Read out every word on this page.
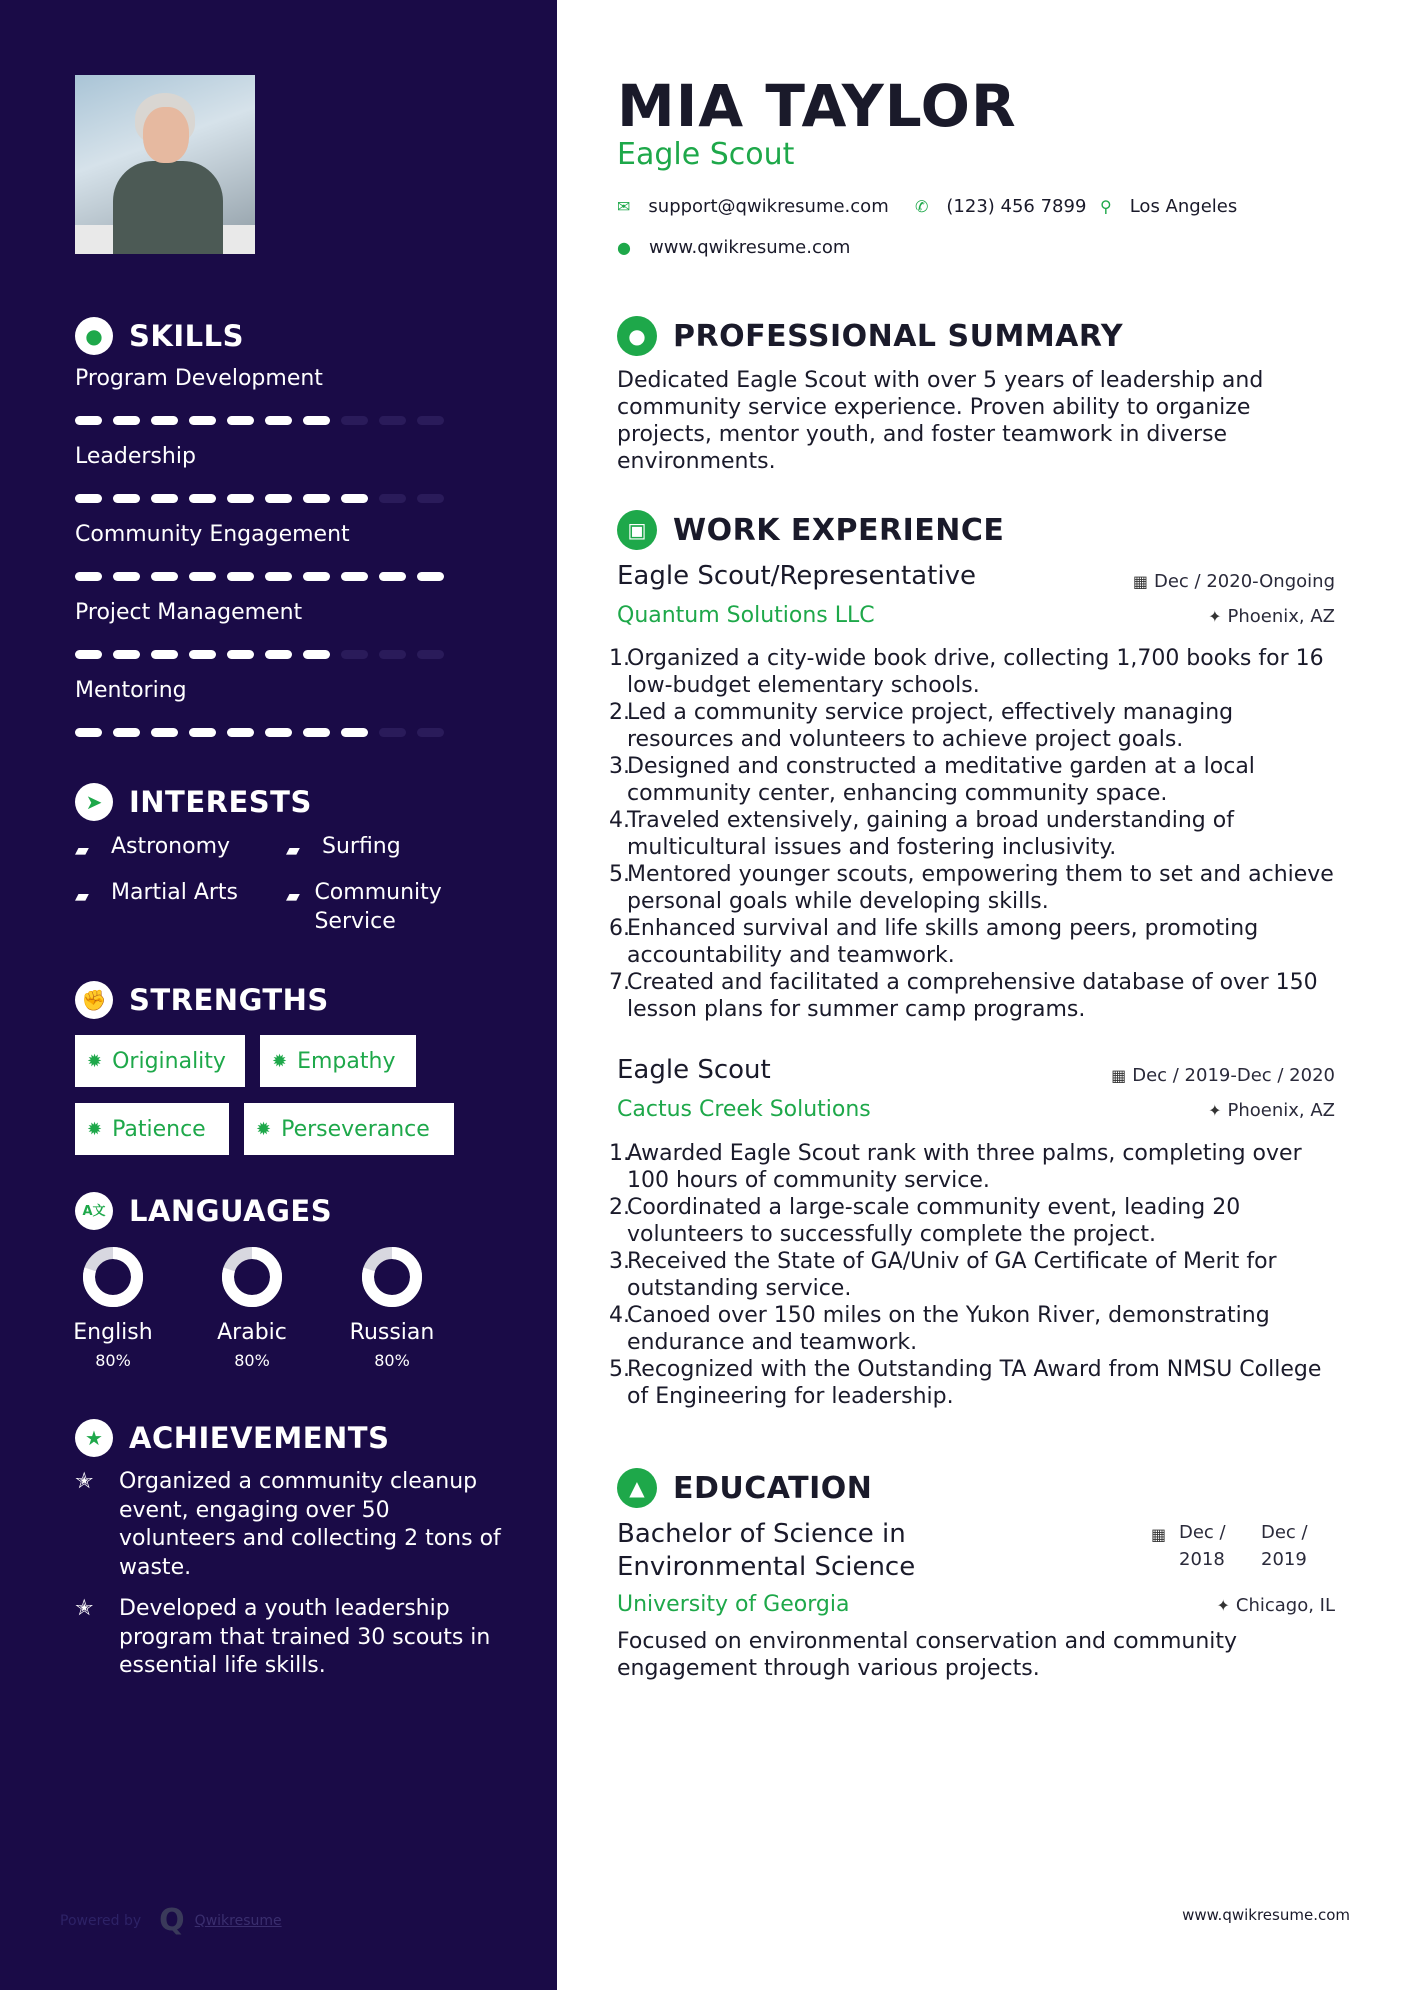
● SKILLS
Program Development
Leadership
Community Engagement
Project Management
Mentoring
➤ INTERESTS
▰	Astronomy	▰	Surfing
▰	Martial Arts	▰ Community Service
✊ STRENGTHS
✹ Originality	✹ Empathy
✹ Patience	✹ Perseverance
A文 LANGUAGES
English
80%
Arabic
80%
Russian
80%
★ ACHIEVEMENTS
✭	Organized a community cleanup event, engaging over 50 volunteers and collecting 2 tons of waste.
✭	Developed a youth leadership program that trained 30 scouts in essential life skills.
Powered by Q Qwikresume
MIA TAYLOR
Eagle Scout
✉ support@qwikresume.com ✆ (123) 456 7899 ⚲ Los Angeles
● www.qwikresume.com
● PROFESSIONAL SUMMARY
Dedicated Eagle Scout with over 5 years of leadership and community service experience. Proven ability to organize projects, mentor youth, and foster teamwork in diverse environments.
▣ WORK EXPERIENCE
Eagle Scout/Representative	▦ Dec / 2020-Ongoing
Quantum Solutions LLC	✦ Phoenix, AZ
1.
Organized a city-wide book drive, collecting 1,700 books for 16 low-budget elementary schools.
2.
Led a community service project, effectively managing resources and volunteers to achieve project goals.
3.
Designed and constructed a meditative garden at a local community center, enhancing community space.
4.
Traveled extensively, gaining a broad understanding of multicultural issues and fostering inclusivity.
5.
Mentored younger scouts, empowering them to set and achieve personal goals while developing skills.
6.
Enhanced survival and life skills among peers, promoting accountability and teamwork.
7.
Created and facilitated a comprehensive database of over 150 lesson plans for summer camp programs.
Eagle Scout	▦ Dec / 2019-Dec / 2020
Cactus Creek Solutions	✦ Phoenix, AZ
1.
Awarded Eagle Scout rank with three palms, completing over 100 hours of community service.
2.
Coordinated a large-scale community event, leading 20 volunteers to successfully complete the project.
3.
Received the State of GA/Univ of GA Certificate of Merit for outstanding service.
4.
Canoed over 150 miles on the Yukon River, demonstrating endurance and teamwork.
5.
Recognized with the Outstanding TA Award from NMSU College of Engineering for leadership.
▲ EDUCATION
Bachelor of Science in Environmental Science
▦ Dec / 2018
Dec / 2019
University of Georgia	✦ Chicago, IL
Focused on environmental conservation and community engagement through various projects.
www.qwikresume.com
